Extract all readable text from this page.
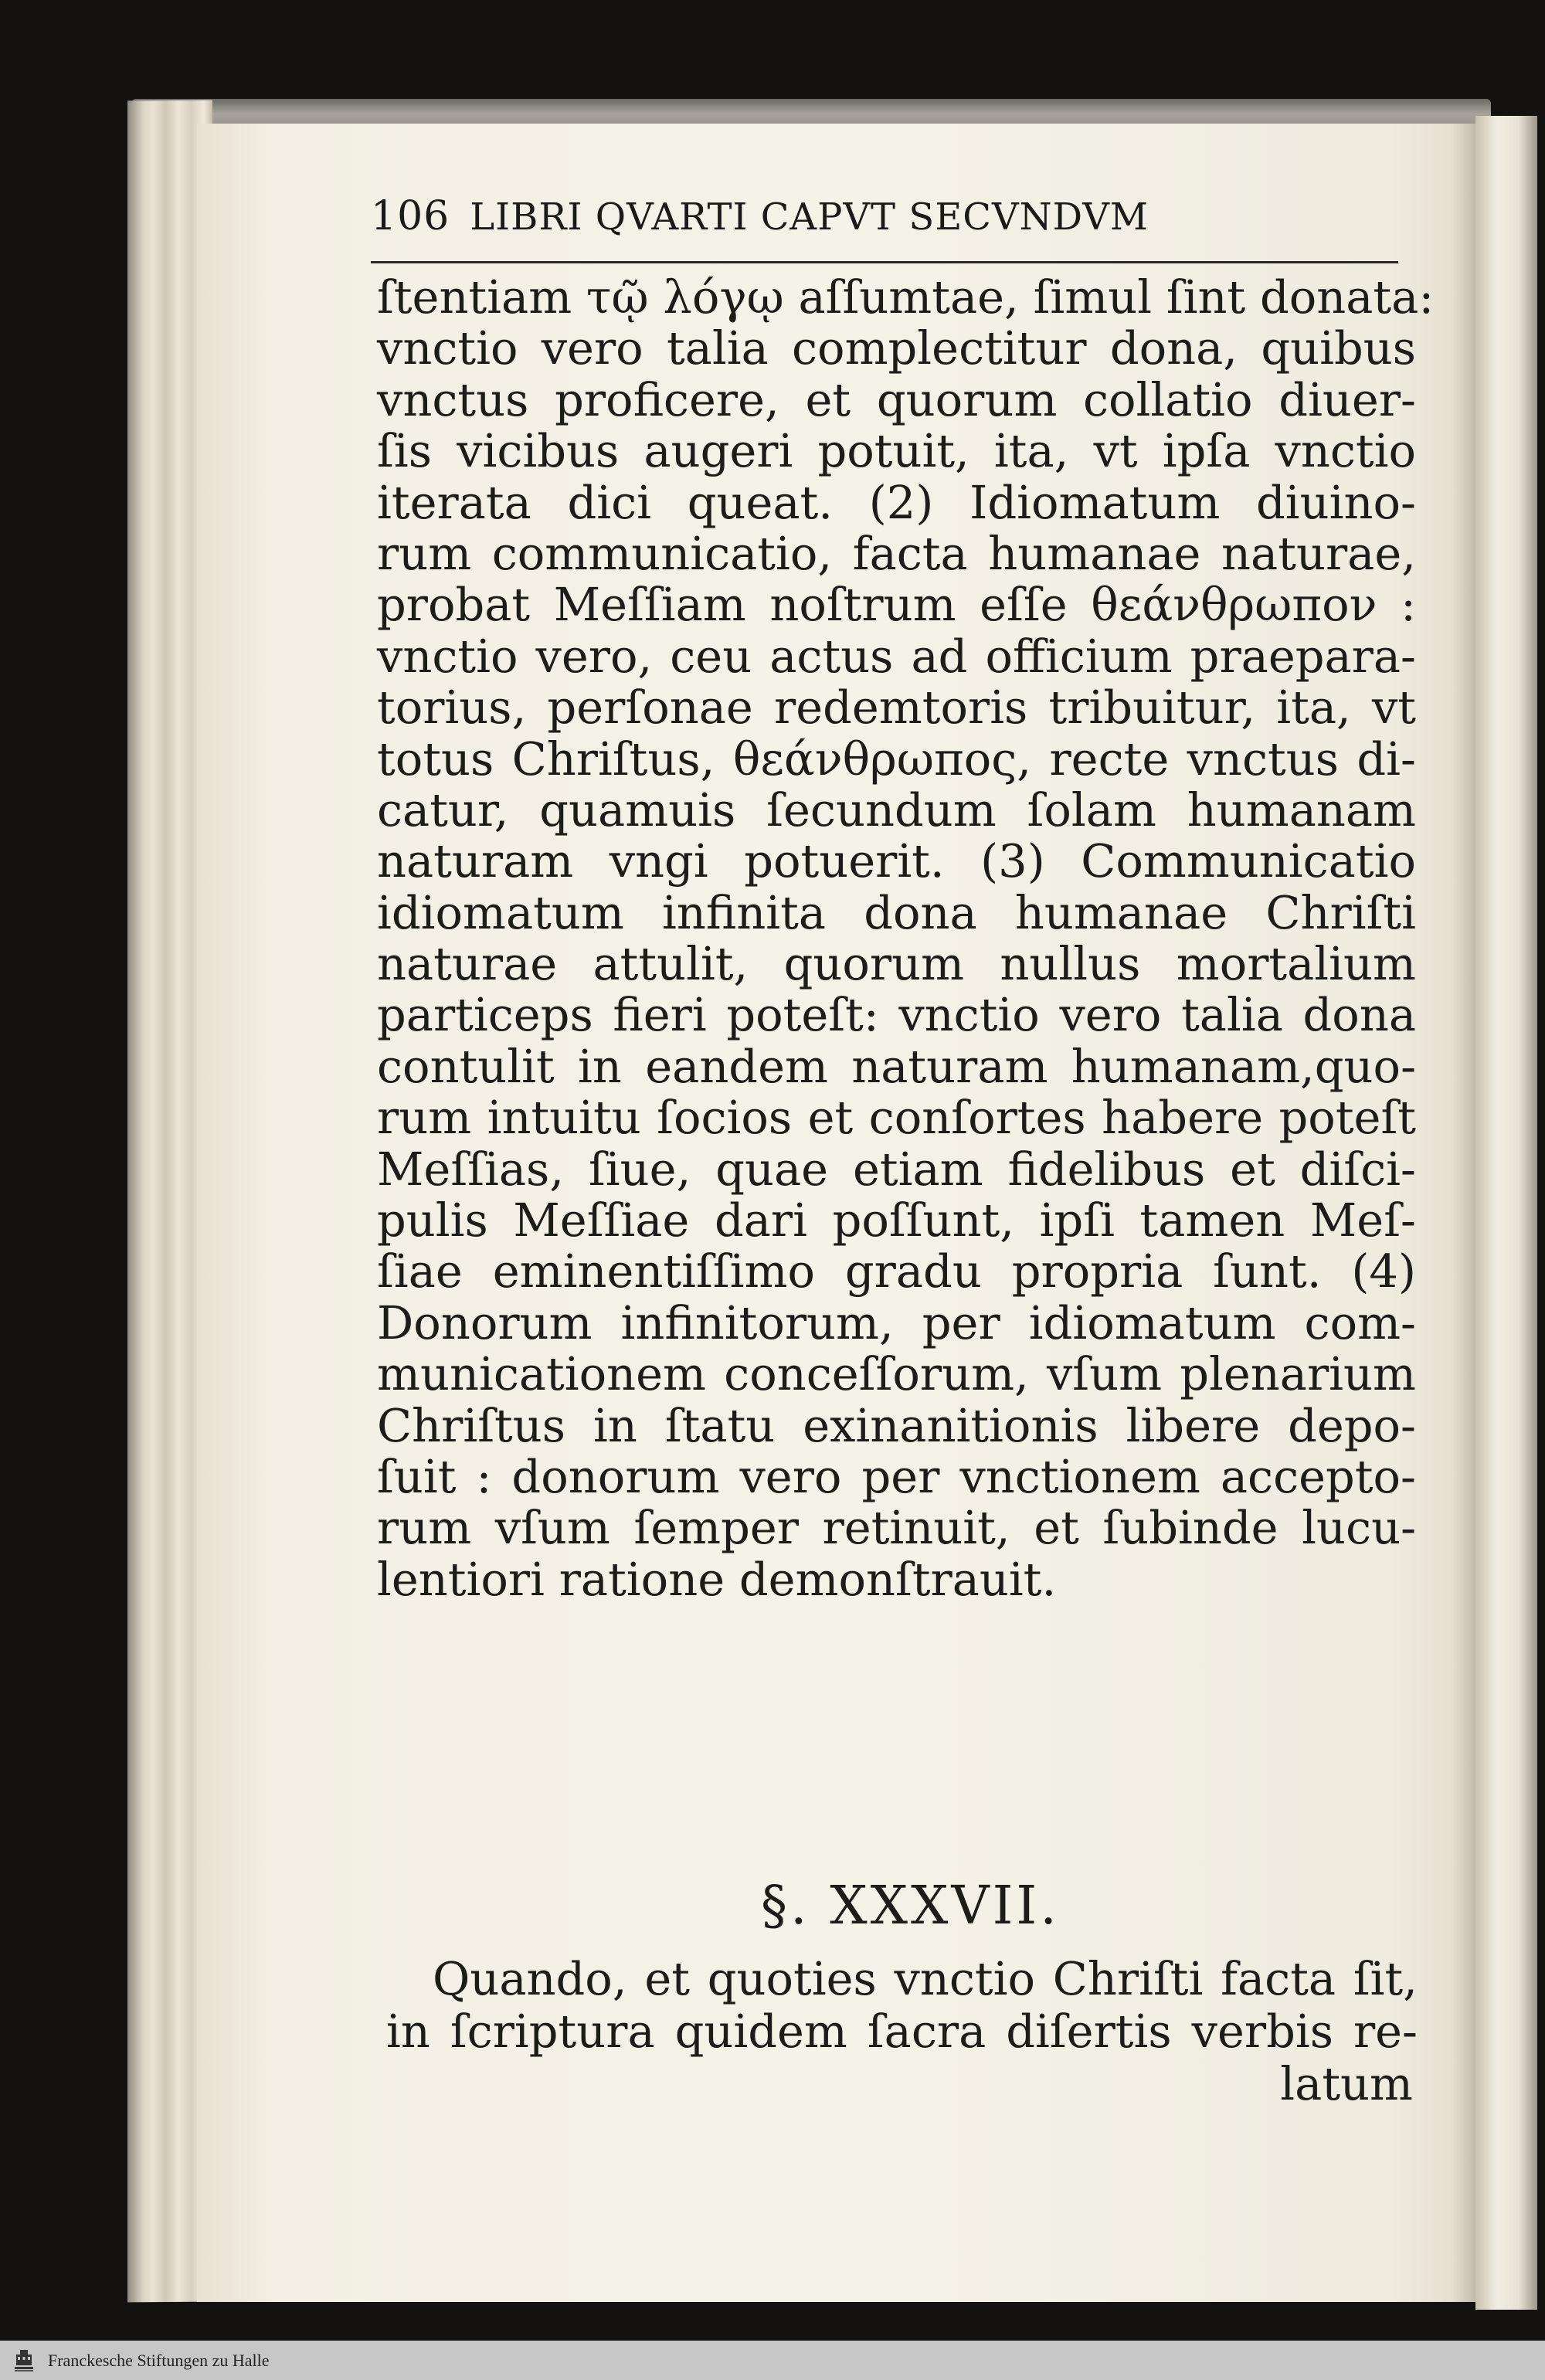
106 LIBRI QVARTI CAPVT SECVNDVM
ſtentiam τῷ λόγῳ aſſumtae, ſimul ſint donata:
vnctio vero talia complectitur dona, quibus
vnctus proficere, et quorum collatio diuer-
ſis vicibus augeri potuit, ita, vt ipſa vnctio
iterata dici queat. (2) Idiomatum diuino-
rum communicatio, facta humanae naturae,
probat Meſſiam noſtrum eſſe θεάνθρωπον :
vnctio vero, ceu actus ad officium praepara-
torius, perſonae redemtoris tribuitur, ita, vt
totus Chriſtus, θεάνθρωπος, recte vnctus di-
catur, quamuis ſecundum ſolam humanam
naturam vngi potuerit. (3) Communicatio
idiomatum infinita dona humanae Chriſti
naturae attulit, quorum nullus mortalium
particeps fieri poteſt: vnctio vero talia dona
contulit in eandem naturam humanam,quo-
rum intuitu ſocios et conſortes habere poteſt
Meſſias, ſiue, quae etiam fidelibus et diſci-
pulis Meſſiae dari poſſunt, ipſi tamen Meſ-
ſiae eminentiſſimo gradu propria ſunt. (4)
Donorum infinitorum, per idiomatum com-
municationem conceſſorum, vſum plenarium
Chriſtus in ſtatu exinanitionis libere depo-
ſuit : donorum vero per vnctionem accepto-
rum vſum ſemper retinuit, et ſubinde lucu-
lentiori ratione demonſtrauit.
§. XXXVII.
Quando, et quoties vnctio Chriſti facta ſit,
in ſcriptura quidem ſacra diſertis verbis re-
latum
Franckesche Stiftungen zu Halle
